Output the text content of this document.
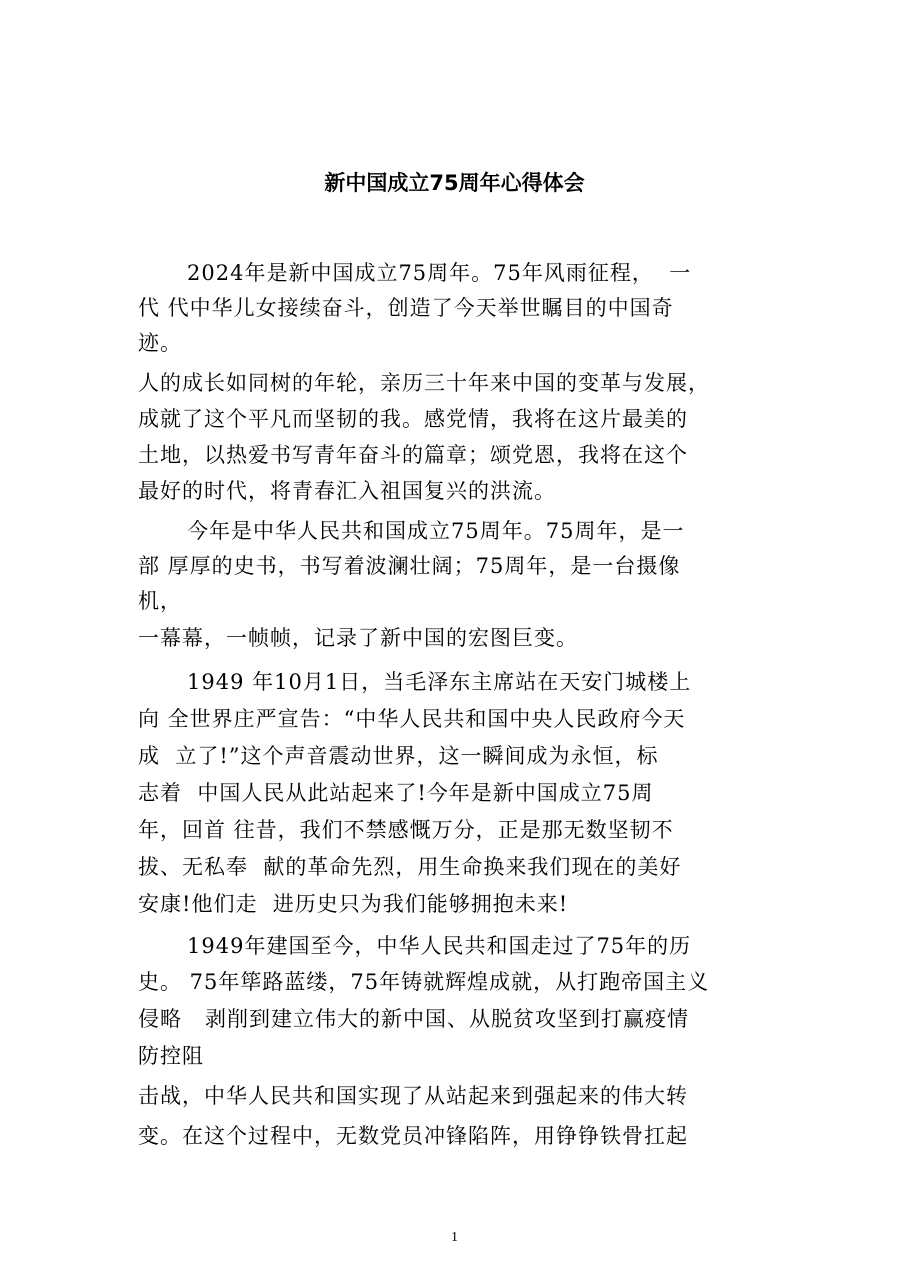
新中国成立75周年心得体会
2024年是新中国成立75周年。75年风雨征程，  一
代 代中华儿女接续奋斗，创造了今天举世瞩目的中国奇
迹。
人的成长如同树的年轮，亲历三十年来中国的变革与发展，
成就了这个平凡而坚韧的我。感党情，我将在这片最美的
土地，以热爱书写青年奋斗的篇章；颂党恩，我将在这个
最好的时代，将青春汇入祖国复兴的洪流。
今年是中华人民共和国成立75周年。75周年，是一
部 厚厚的史书，书写着波澜壮阔；75周年，是一台摄像
机，
一幕幕，一帧帧，记录了新中国的宏图巨变。
1949 年10月1日，当毛泽东主席站在天安门城楼上
向 全世界庄严宣告：“中华人民共和国中央人民政府今天
成  立了!”这个声音震动世界，这一瞬间成为永恒，标
志着  中国人民从此站起来了!今年是新中国成立75周
年，回首 往昔，我们不禁感慨万分，正是那无数坚韧不
拔、无私奉  献的革命先烈，用生命换来我们现在的美好
安康!他们走  进历史只为我们能够拥抱未来!
1949年建国至今，中华人民共和国走过了75年的历
史。 75年筚路蓝缕，75年铸就辉煌成就，从打跑帝国主义
侵略   剥削到建立伟大的新中国、从脱贫攻坚到打赢疫情
防控阻
击战，中华人民共和国实现了从站起来到强起来的伟大转
变。在这个过程中，无数党员冲锋陷阵，用铮铮铁骨扛起
1
